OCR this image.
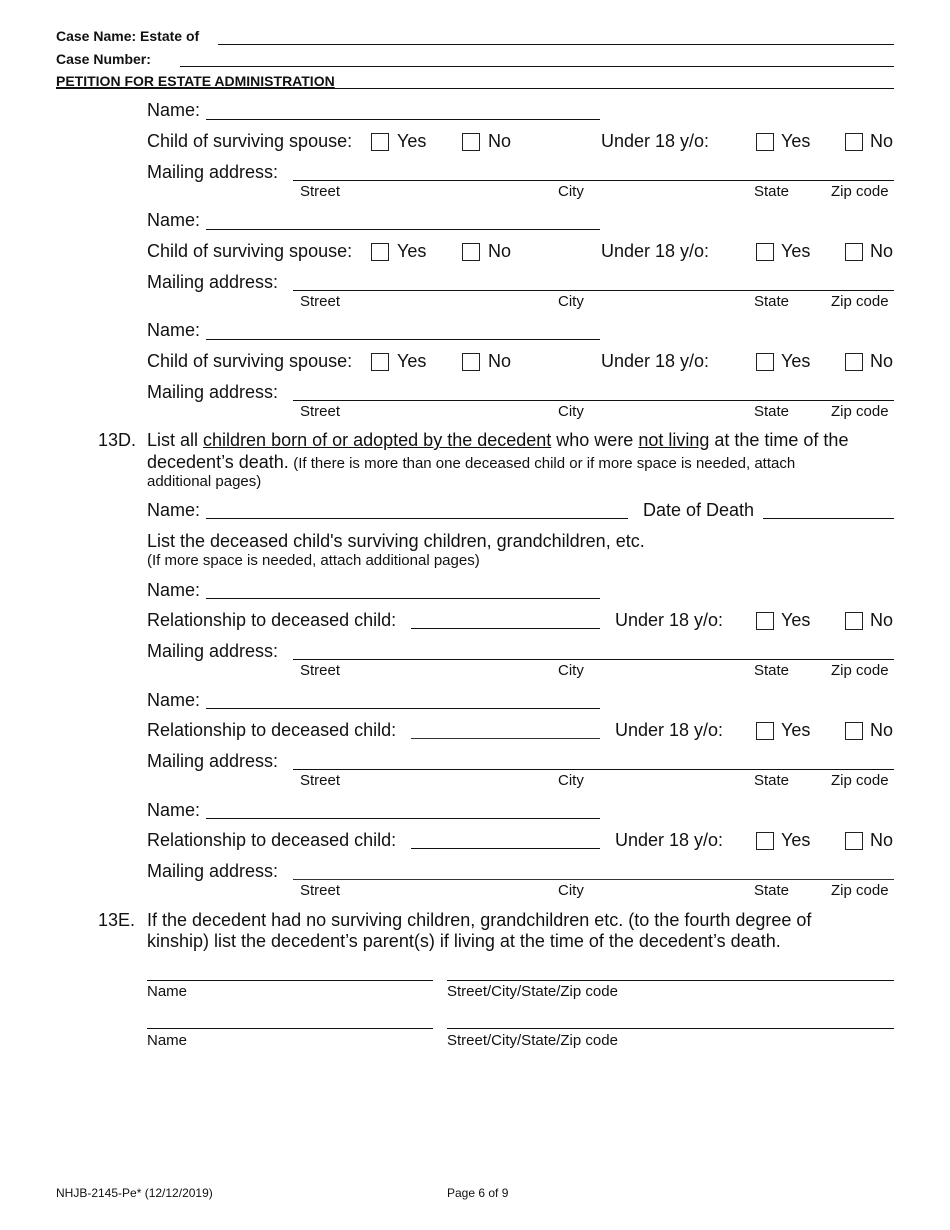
Case Name: Estate of
Case Number:
PETITION FOR ESTATE ADMINISTRATION
Name:
Child of surviving spouse: Yes	No	Under 18 y/o:	Yes	No
Mailing address:
Street	City	State	Zip code
Name:
Child of surviving spouse: Yes	No	Under 18 y/o:	Yes	No
Mailing address:
Street	City	State	Zip code
Name:
Child of surviving spouse: Yes	No	Under 18 y/o:	Yes	No
Mailing address:
Street	City	State	Zip code
13D. List all children born of or adopted by the decedent who were not living at the time of the
decedent’s death. (If there is more than one deceased child or if more space is needed, attach
additional pages)
Name:	Date of Death
List the deceased child's surviving children, grandchildren, etc.
(If more space is needed, attach additional pages)
Name:
Relationship to deceased child:	Under 18 y/o:	Yes	No
Mailing address:
Street	City	State	Zip code
Name:
Relationship to deceased child:	Under 18 y/o:	Yes	No
Mailing address:
Street	City	State	Zip code
Name:
Relationship to deceased child:	Under 18 y/o:	Yes	No
Mailing address:
Street	City	State	Zip code
13E. If the decedent had no surviving children, grandchildren etc. (to the fourth degree of
kinship) list the decedent’s parent(s) if living at the time of the decedent’s death.
Name	Street/City/State/Zip code
Name	Street/City/State/Zip code
NHJB-2145-Pe* (12/12/2019)	Page 6 of 9
